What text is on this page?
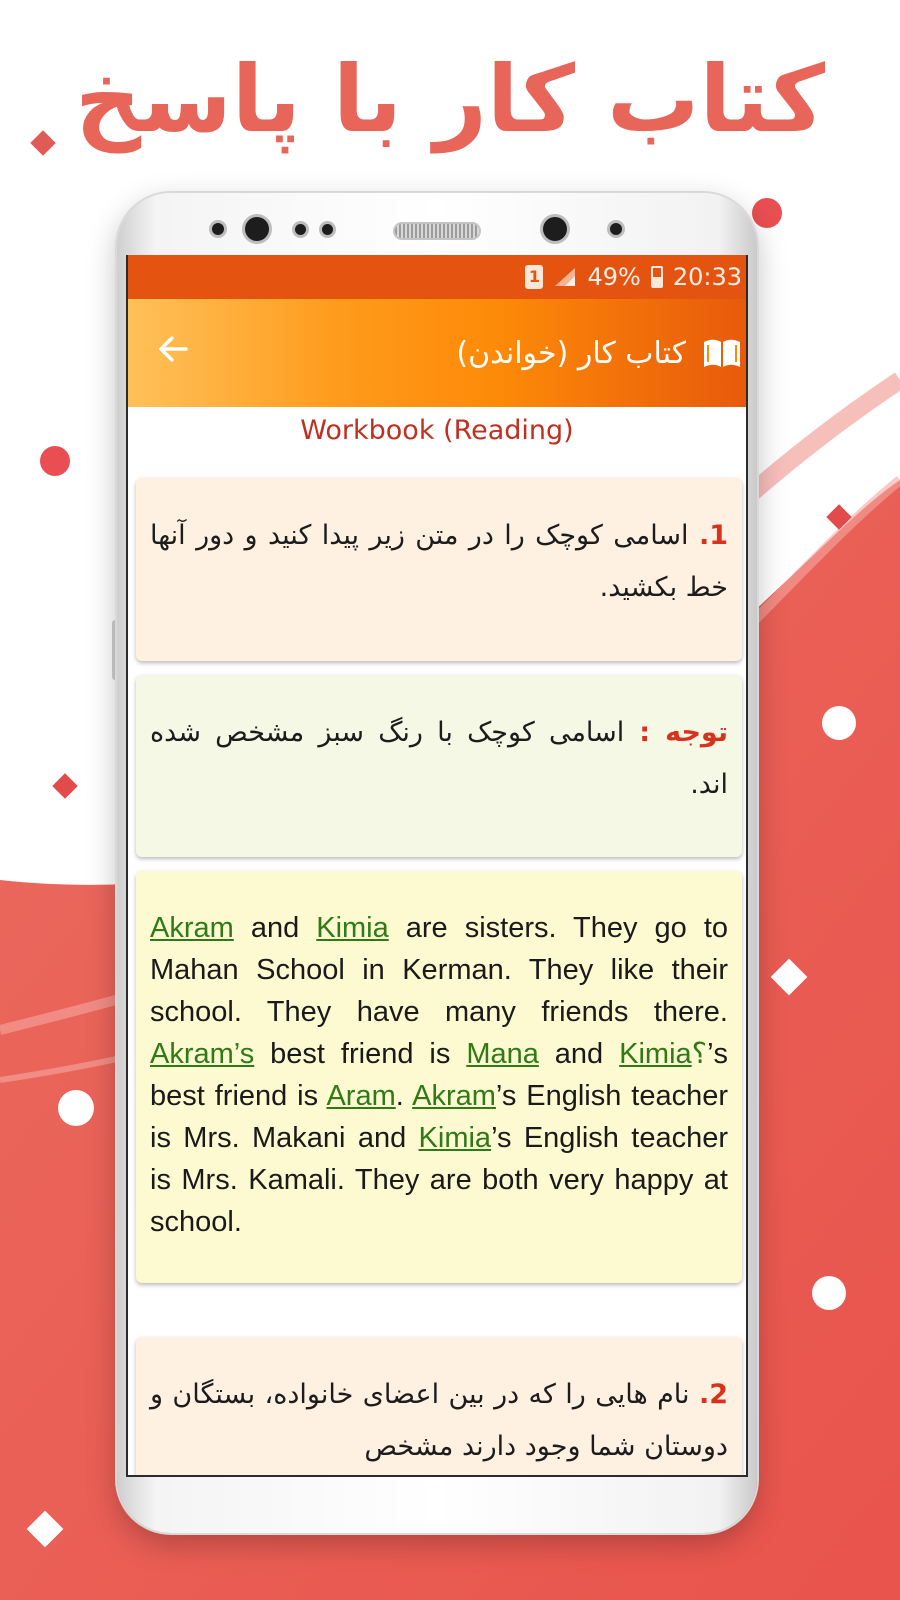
کتاب کار با پاسخ
1 49% 20:33
کتاب کار (خواندن)
Workbook (Reading)
1. اسامی کوچک را در متن زیر پیدا کنید و دور آنها خط بکشید.
توجه : اسامی کوچک با رنگ سبز مشخص شده اند.
Akram and Kimia are sisters. They go to Mahan School in Kerman. They like their school. They have many friends there. Akram’s best friend is Mana and Kimia؟’s best friend is Aram. Akram’s English teacher is Mrs. Makani and Kimia’s English teacher is Mrs. Kamali. They are both very happy at school.
2. نام هایی را که در بین اعضای خانواده، بستگان و دوستان شما وجود دارند مشخص
